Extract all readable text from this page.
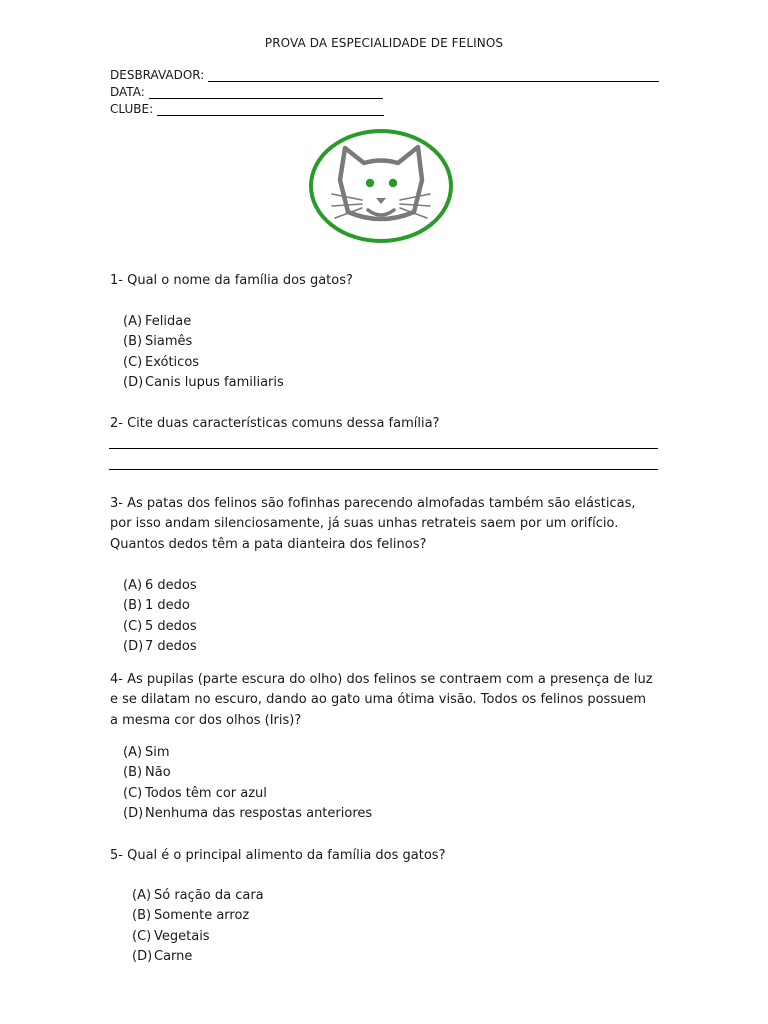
PROVA DA ESPECIALIDADE DE FELINOS
DESBRAVADOR:
DATA:
CLUBE:
1- Qual o nome da família dos gatos?
(A) Felidae
(B) Siamês
(C) Exóticos
(D) Canis lupus familiaris
2- Cite duas características comuns dessa família?
3- As patas dos felinos são fofinhas parecendo almofadas também são elásticas, por isso andam silenciosamente, já suas unhas retrateis saem por um orifício. Quantos dedos têm a pata dianteira dos felinos?
(A) 6 dedos
(B) 1 dedo
(C) 5 dedos
(D) 7 dedos
4- As pupilas (parte escura do olho) dos felinos se contraem com a presença de luz e se dilatam no escuro, dando ao gato uma ótima visão. Todos os felinos possuem a mesma cor dos olhos (Iris)?
(A) Sim
(B) Não
(C) Todos têm cor azul
(D) Nenhuma das respostas anteriores
5- Qual é o principal alimento da família dos gatos?
(A) Só ração da cara
(B) Somente arroz
(C) Vegetais
(D) Carne
